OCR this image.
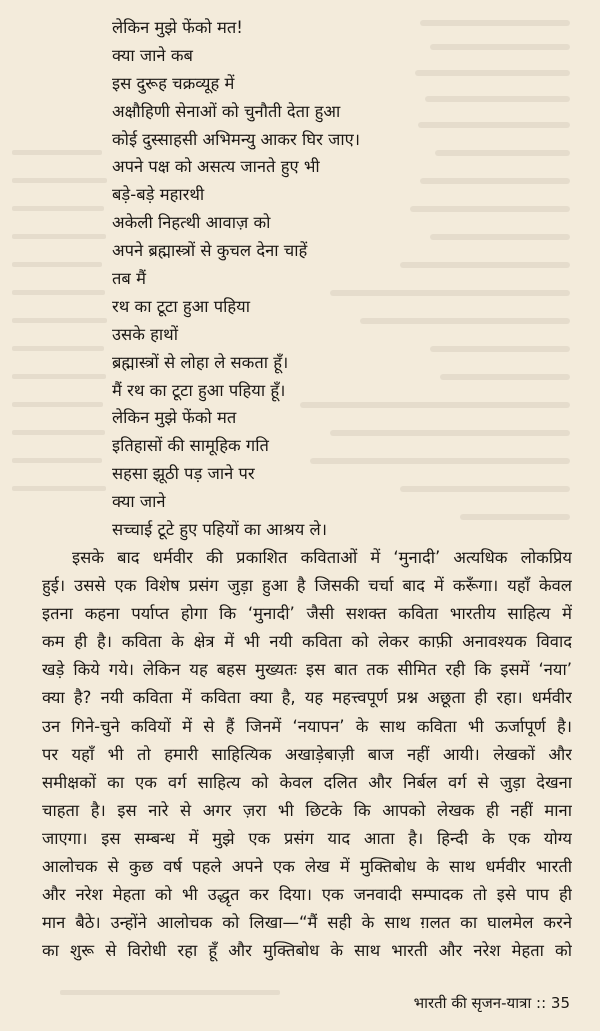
लेकिन मुझे फेंको मत!
क्या जाने कब
इस दुरूह चक्रव्यूह में
अक्षौहिणी सेनाओं को चुनौती देता हुआ
कोई दुस्साहसी अभिमन्यु आकर घिर जाए।
अपने पक्ष को असत्य जानते हुए भी
बड़े-बड़े महारथी
अकेली निहत्थी आवाज़ को
अपने ब्रह्मास्त्रों से कुचल देना चाहें
तब मैं
रथ का टूटा हुआ पहिया
उसके हाथों
ब्रह्मास्त्रों से लोहा ले सकता हूँ।
मैं रथ का टूटा हुआ पहिया हूँ।
लेकिन मुझे फेंको मत
इतिहासों की सामूहिक गति
सहसा झूठी पड़ जाने पर
क्या जाने
सच्चाई टूटे हुए पहियों का आश्रय ले।
इसके बाद धर्मवीर की प्रकाशित कविताओं में ‘मुनादी’ अत्यधिक लोकप्रिय
हुई। उससे एक विशेष प्रसंग जुड़ा हुआ है जिसकी चर्चा बाद में करूँगा। यहाँ केवल
इतना कहना पर्याप्त होगा कि ‘मुनादी’ जैसी सशक्त कविता भारतीय साहित्य में
कम ही है। कविता के क्षेत्र में भी नयी कविता को लेकर काफ़ी अनावश्यक विवाद
खड़े किये गये। लेकिन यह बहस मुख्यतः इस बात तक सीमित रही कि इसमें ‘नया’
क्या है? नयी कविता में कविता क्या है, यह महत्त्वपूर्ण प्रश्न अछूता ही रहा। धर्मवीर
उन गिने-चुने कवियों में से हैं जिनमें ‘नयापन’ के साथ कविता भी ऊर्जापूर्ण है।
पर यहाँ भी तो हमारी साहित्यिक अखाड़ेबाज़ी बाज नहीं आयी। लेखकों और
समीक्षकों का एक वर्ग साहित्य को केवल दलित और निर्बल वर्ग से जुड़ा देखना
चाहता है। इस नारे से अगर ज़रा भी छिटके कि आपको लेखक ही नहीं माना
जाएगा। इस सम्बन्ध में मुझे एक प्रसंग याद आता है। हिन्दी के एक योग्य
आलोचक से कुछ वर्ष पहले अपने एक लेख में मुक्तिबोध के साथ धर्मवीर भारती
और नरेश मेहता को भी उद्धृत कर दिया। एक जनवादी सम्पादक तो इसे पाप ही
मान बैठे। उन्होंने आलोचक को लिखा—“मैं सही के साथ ग़लत का घालमेल करने
का शुरू से विरोधी रहा हूँ और मुक्तिबोध के साथ भारती और नरेश मेहता को
भारती की सृजन-यात्रा :: 35
